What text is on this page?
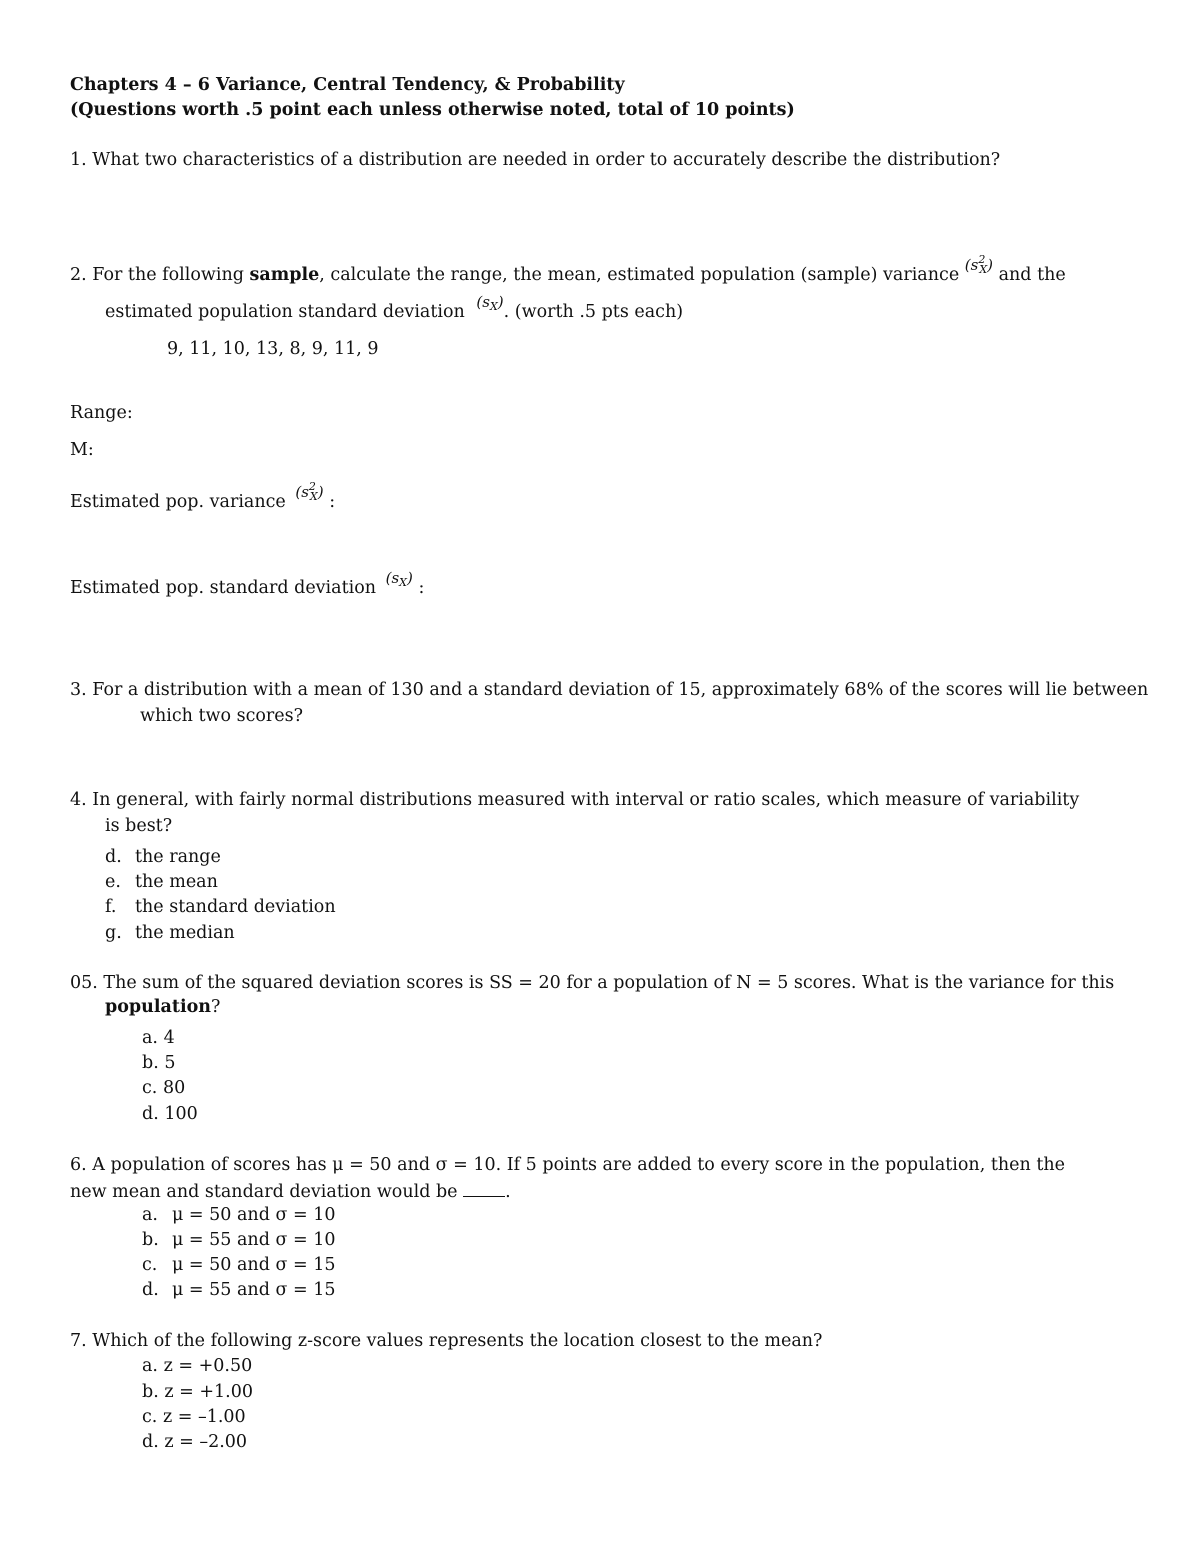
Chapters 4 – 6 Variance, Central Tendency, & Probability
(Questions worth .5 point each unless otherwise noted, total of 10 points)
1. What two characteristics of a distribution are needed in order to accurately describe the distribution?
2. For the following sample, calculate the range, the mean, estimated population (sample) variance $(s^2_X)$ and the
estimated population standard deviation $(s_X)$. (worth .5 pts each)
9, 11, 10, 13, 8, 9, 11, 9
Range:
M:
Estimated pop. variance $(s^2_X)$ :
Estimated pop. standard deviation $(s_X)$ :
3. For a distribution with a mean of 130 and a standard deviation of 15, approximately 68% of the scores will lie between
which two scores?
4. In general, with fairly normal distributions measured with interval or ratio scales, which measure of variability
is best?
d. the range
e. the mean
f. the standard deviation
g. the median
05. The sum of the squared deviation scores is SS = 20 for a population of N = 5 scores. What is the variance for this
population?
a. 4
b. 5
c. 80
d. 100
6. A population of scores has μ = 50 and σ = 10. If 5 points are added to every score in the population, then the
new mean and standard deviation would be	.
a. μ = 50 and σ = 10
b. μ = 55 and σ = 10
c. μ = 50 and σ = 15
d. μ = 55 and σ = 15
7. Which of the following z-score values represents the location closest to the mean?
a. z = +0.50
b. z = +1.00
c. z = –1.00
d. z = –2.00
